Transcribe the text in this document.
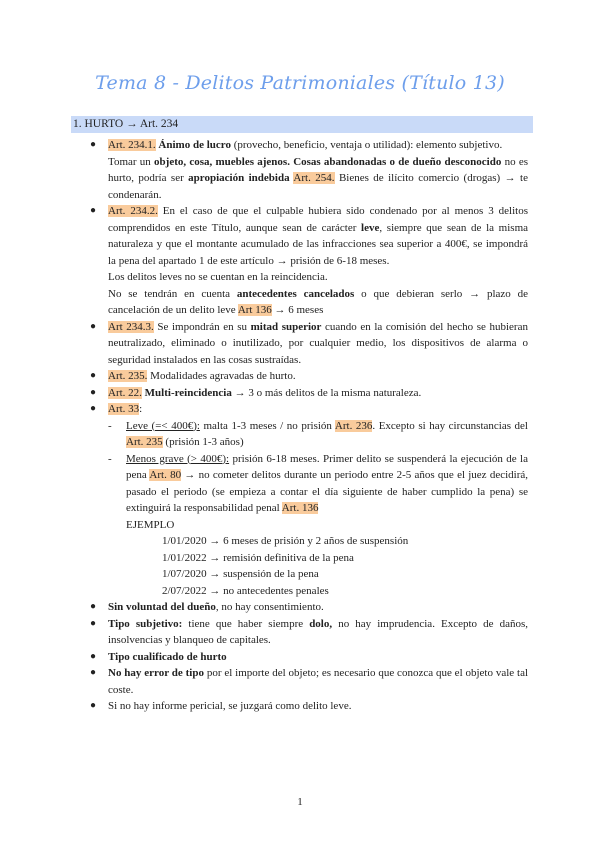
Tema 8 - Delitos Patrimoniales (Título 13)
1. HURTO → Art. 234
●	Art. 234.1. Ánimo de lucro (provecho, beneficio, ventaja o utilidad): elemento subjetivo.

Tomar un objeto, cosa, muebles ajenos. Cosas abandonadas o de dueño desconocido no es hurto, podría ser apropiación indebida Art. 254. Bienes de ilícito comercio (drogas) → te condenarán.

●	Art. 234.2. En el caso de que el culpable hubiera sido condenado por al menos 3 delitos comprendidos en este Título, aunque sean de carácter leve, siempre que sean de la misma naturaleza y que el montante acumulado de las infracciones sea superior a 400€, se impondrá la pena del apartado 1 de este artículo → prisión de 6-18 meses.

Los delitos leves no se cuentan en la reincidencia.

No se tendrán en cuenta antecedentes cancelados o que debieran serlo → plazo de cancelación de un delito leve Art 136 → 6 meses

●	Art 234.3. Se impondrán en su mitad superior cuando en la comisión del hecho se hubieran neutralizado, eliminado o inutilizado, por cualquier medio, los dispositivos de alarma o seguridad instalados en las cosas sustraídas.

●	Art. 235. Modalidades agravadas de hurto.

●	Art. 22. Multi-reincidencia → 3 o más delitos de la misma naturaleza.

●	Art. 33:

- Leve (=< 400€): malta 1-3 meses / no prisión Art. 236. Excepto si hay circunstancias del Art. 235 (prisión 1-3 años)

- Menos grave (> 400€): prisión 6-18 meses. Primer delito se suspenderá la ejecución de la pena Art. 80 → no cometer delitos durante un periodo entre 2-5 años que el juez decidirá, pasado el periodo (se empieza a contar el día siguiente de haber cumplido la pena) se extinguirá la responsabilidad penal Art. 136

EJEMPLO

1/01/2020 → 6 meses de prisión y 2 años de suspensión

1/01/2022 → remisión definitiva de la pena

1/07/2020 → suspensión de la pena

2/07/2022 → no antecedentes penales

●	Sin voluntad del dueño, no hay consentimiento.

●	Tipo subjetivo: tiene que haber siempre dolo, no hay imprudencia. Excepto de daños, insolvencias y blanqueo de capitales.

●	Tipo cualificado de hurto

●	No hay error de tipo por el importe del objeto; es necesario que conozca que el objeto vale tal coste.

●	Si no hay informe pericial, se juzgará como delito leve.

1
